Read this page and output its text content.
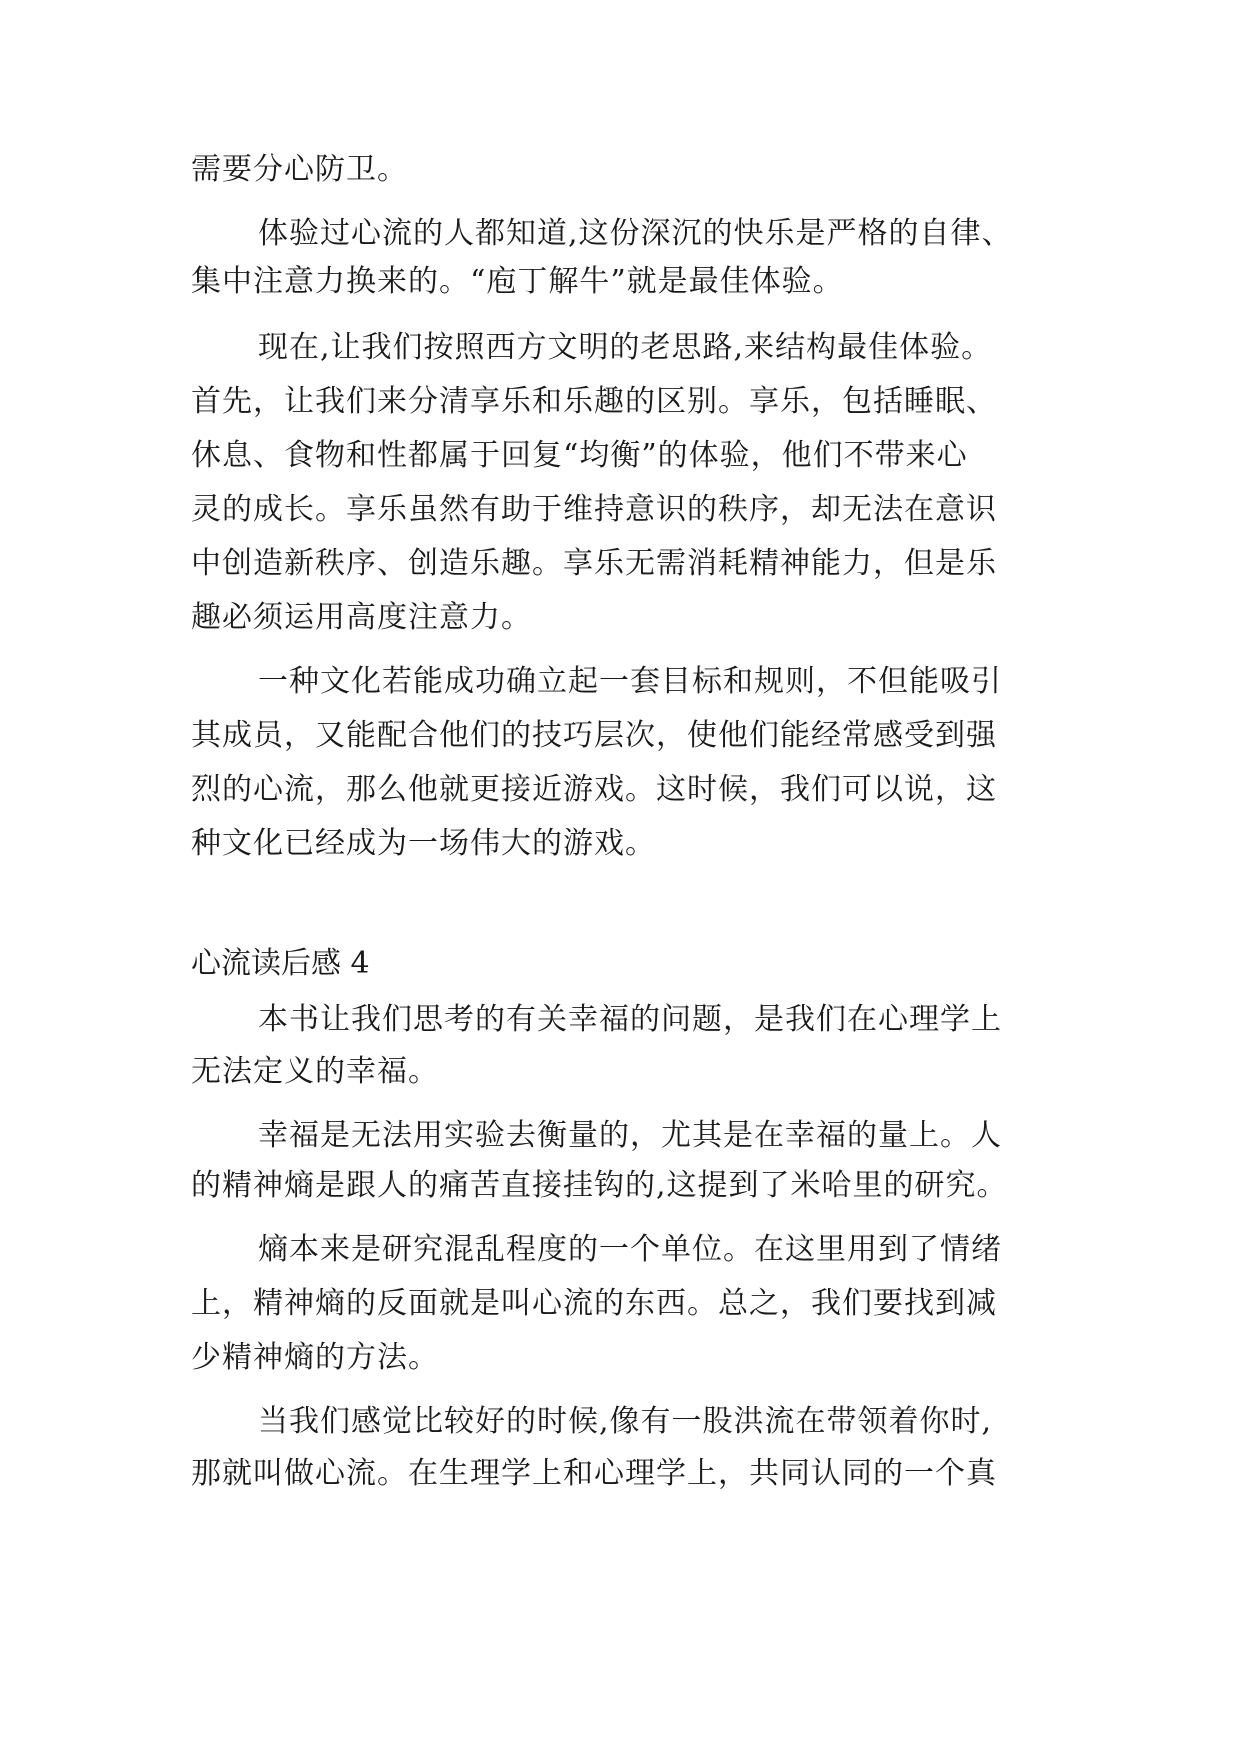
需要分心防卫。
体验过心流的人都知道,这份深沉的快乐是严格的自律、
集中注意力换来的。“庖丁解牛”就是最佳体验。
现在,让我们按照西方文明的老思路,来结构最佳体验。
首先，让我们来分清享乐和乐趣的区别。享乐，包括睡眠、
休息、食物和性都属于回复“均衡”的体验，他们不带来心
灵的成长。享乐虽然有助于维持意识的秩序，却无法在意识
中创造新秩序、创造乐趣。享乐无需消耗精神能力，但是乐
趣必须运用高度注意力。
一种文化若能成功确立起一套目标和规则，不但能吸引
其成员，又能配合他们的技巧层次，使他们能经常感受到强
烈的心流，那么他就更接近游戏。这时候，我们可以说，这
种文化已经成为一场伟大的游戏。
心流读后感 4
本书让我们思考的有关幸福的问题，是我们在心理学上
无法定义的幸福。
幸福是无法用实验去衡量的，尤其是在幸福的量上。人
的精神熵是跟人的痛苦直接挂钩的,这提到了米哈里的研究。
熵本来是研究混乱程度的一个单位。在这里用到了情绪
上，精神熵的反面就是叫心流的东西。总之，我们要找到减
少精神熵的方法。
当我们感觉比较好的时候,像有一股洪流在带领着你时,
那就叫做心流。在生理学上和心理学上，共同认同的一个真
